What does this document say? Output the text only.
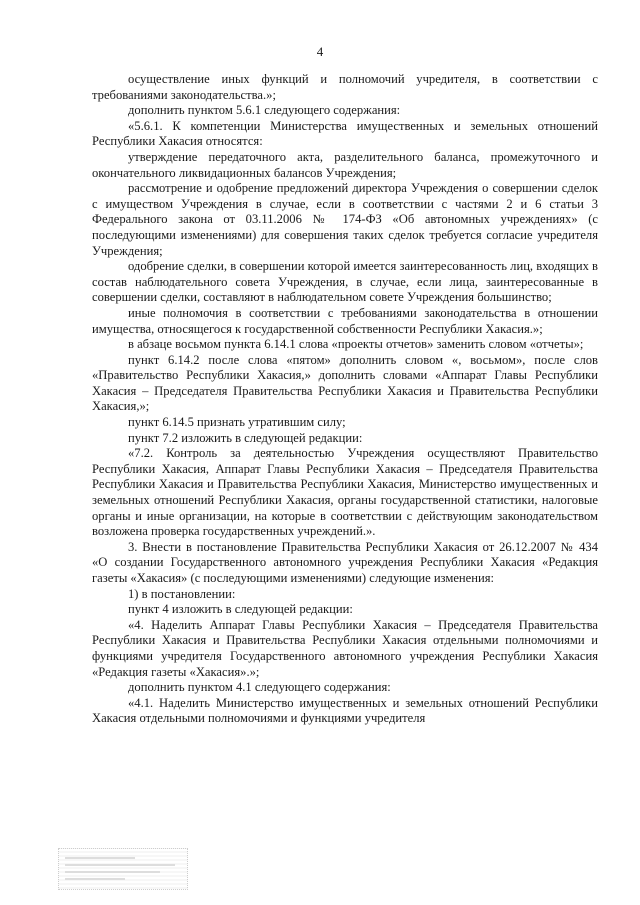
4

осуществление иных функций и полномочий учредителя, в соответствии с требованиями законодательства.»;

дополнить пунктом 5.6.1 следующего содержания:

«5.6.1. К компетенции Министерства имущественных и земельных отношений Республики Хакасия относятся:

утверждение передаточного акта, разделительного баланса, промежуточного и окончательного ликвидационных балансов Учреждения;

рассмотрение и одобрение предложений директора Учреждения о совершении сделок с имуществом Учреждения в случае, если в соответствии с частями 2 и 6 статьи 3 Федерального закона от 03.11.2006 № 174-ФЗ «Об автономных учреждениях» (с последующими изменениями) для совершения таких сделок требуется согласие учредителя Учреждения;

одобрение сделки, в совершении которой имеется заинтересованность лиц, входящих в состав наблюдательного совета Учреждения, в случае, если лица, заинтересованные в совершении сделки, составляют в наблюдательном совете Учреждения большинство;

иные полномочия в соответствии с требованиями законодательства в отношении имущества, относящегося к государственной собственности Республики Хакасия.»;

в абзаце восьмом пункта 6.14.1 слова «проекты отчетов» заменить словом «отчеты»;

пункт 6.14.2 после слова «пятом» дополнить словом «, восьмом», после слов «Правительство Республики Хакасия,» дополнить словами «Аппарат Главы Республики Хакасия – Председателя Правительства Республики Хакасия и Правительства Республики Хакасия,»;

пункт 6.14.5 признать утратившим силу;

пункт 7.2 изложить в следующей редакции:

«7.2. Контроль за деятельностью Учреждения осуществляют Правительство Республики Хакасия, Аппарат Главы Республики Хакасия – Председателя Правительства Республики Хакасия и Правительства Республики Хакасия, Министерство имущественных и земельных отношений Республики Хакасия, органы государственной статистики, налоговые органы и иные организации, на которые в соответствии с действующим законодательством возложена проверка государственных учреждений.».

3. Внести в постановление Правительства Республики Хакасия от 26.12.2007 № 434 «О создании Государственного автономного учреждения Республики Хакасия «Редакция газеты «Хакасия» (с последующими изменениями) следующие изменения:

1) в постановлении:

пункт 4 изложить в следующей редакции:

«4. Наделить Аппарат Главы Республики Хакасия – Председателя Правительства Республики Хакасия и Правительства Республики Хакасия отдельными полномочиями и функциями учредителя Государственного автономного учреждения Республики Хакасия «Редакция газеты «Хакасия».»;

дополнить пунктом 4.1 следующего содержания:

«4.1. Наделить Министерство имущественных и земельных отношений Республики Хакасия отдельными полномочиями и функциями учредителя
